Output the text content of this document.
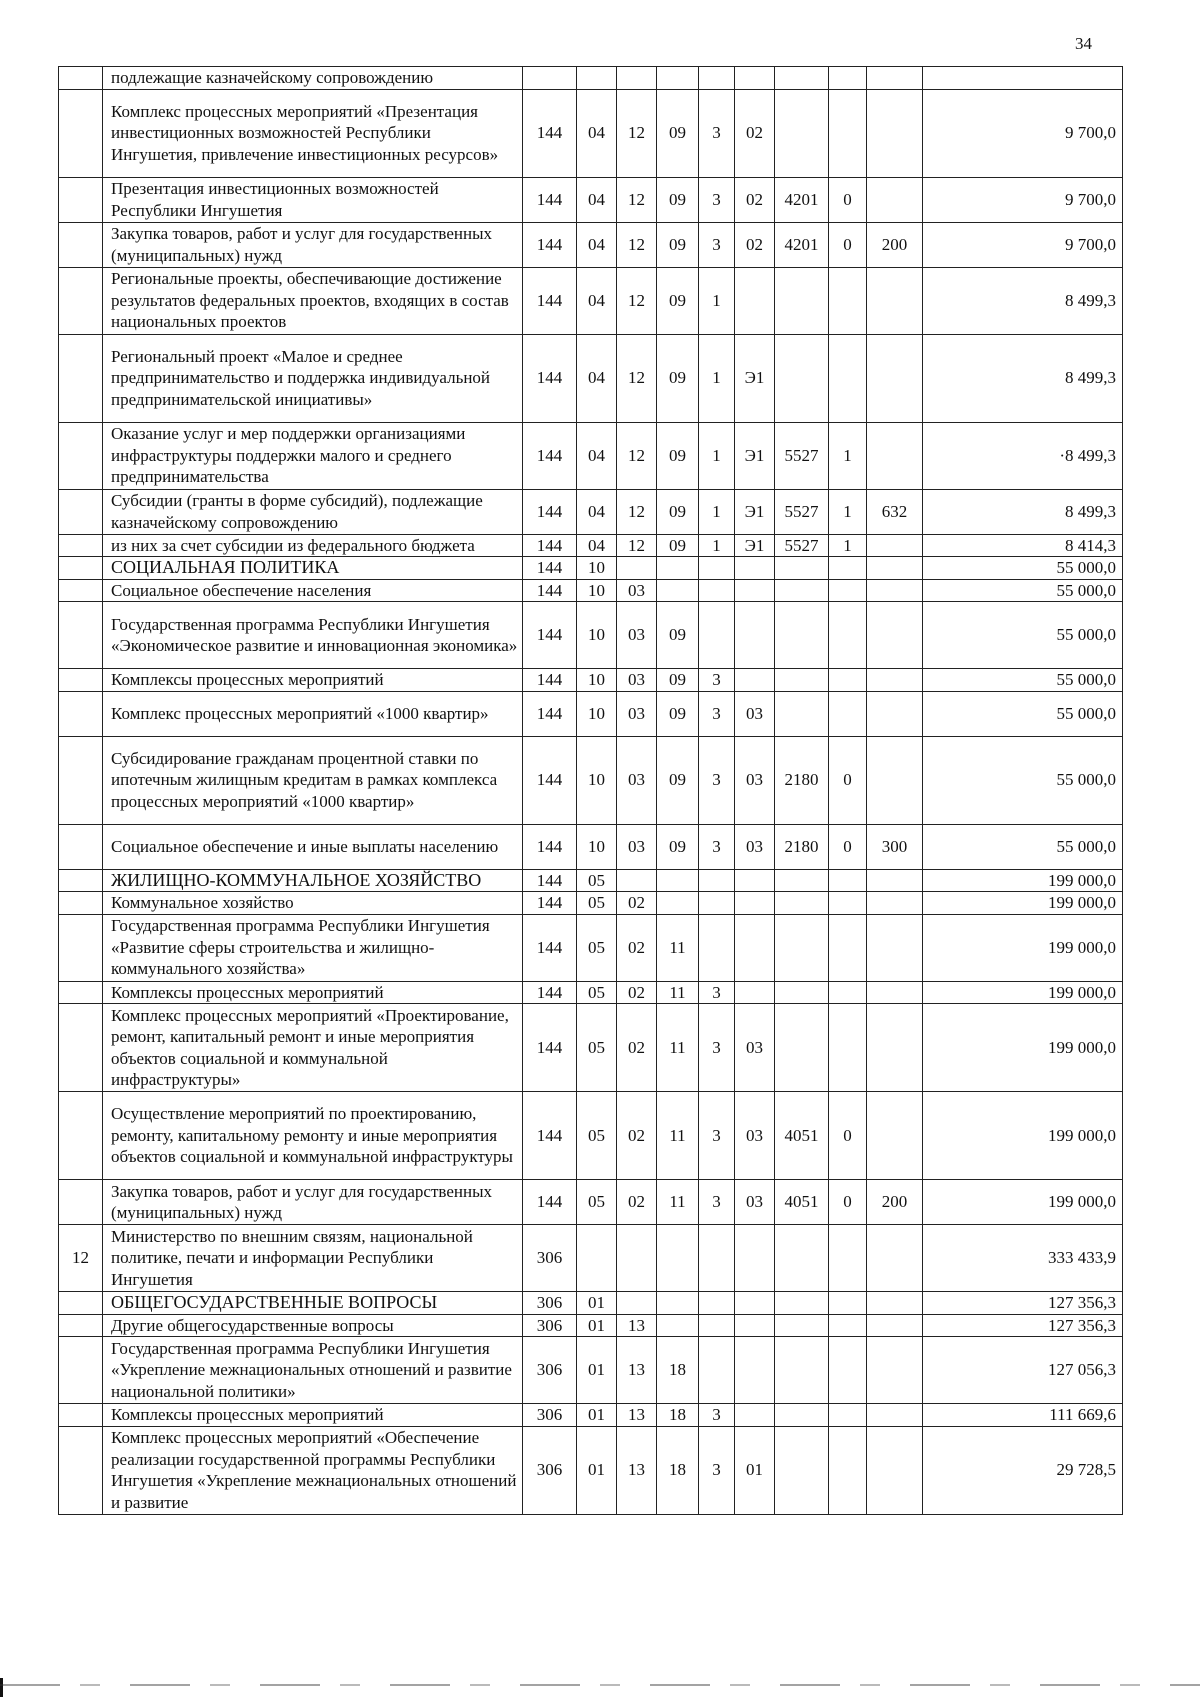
34
	подлежащие казначейскому сопровождению										
	Комплекс процессных мероприятий «Презентация инвестиционных возможностей Республики Ингушетия, привлечение инвестиционных ресурсов»	144	04	12	09	3	02				9 700,0
	Презентация инвестиционных возможностей Республики Ингушетия	144	04	12	09	3	02	4201	0		9 700,0
	Закупка товаров, работ и услуг для государственных (муниципальных) нужд	144	04	12	09	3	02	4201	0	200	9 700,0
	Региональные проекты, обеспечивающие достижение результатов федеральных проектов, входящих в состав национальных проектов	144	04	12	09	1					8 499,3
	Региональный проект «Малое и среднее предпринимательство и поддержка индивидуальной предпринимательской инициативы»	144	04	12	09	1	Э1				8 499,3
	Оказание услуг и мер поддержки организациями инфраструктуры поддержки малого и среднего предпринимательства	144	04	12	09	1	Э1	5527	1		·8 499,3
	Субсидии (гранты в форме субсидий), подлежащие казначейскому сопровождению	144	04	12	09	1	Э1	5527	1	632	8 499,3
	из них за счет субсидии из федерального бюджета	144	04	12	09	1	Э1	5527	1		8 414,3
	СОЦИАЛЬНАЯ ПОЛИТИКА	144	10								55 000,0
	Социальное обеспечение населения	144	10	03							55 000,0
	Государственная программа Республики Ингушетия «Экономическое развитие и инновационная экономика»	144	10	03	09						55 000,0
	Комплексы процессных мероприятий	144	10	03	09	3					55 000,0
	Комплекс процессных мероприятий «1000 квартир»	144	10	03	09	3	03				55 000,0
	Субсидирование гражданам процентной ставки по ипотечным жилищным кредитам в рамках комплекса процессных мероприятий «1000 квартир»	144	10	03	09	3	03	2180	0		55 000,0
	Социальное обеспечение и иные выплаты населению	144	10	03	09	3	03	2180	0	300	55 000,0
	ЖИЛИЩНО-КОММУНАЛЬНОЕ ХОЗЯЙСТВО	144	05								199 000,0
	Коммунальное хозяйство	144	05	02							199 000,0
	Государственная программа Республики Ингушетия «Развитие сферы строительства и жилищно-коммунального хозяйства»	144	05	02	11						199 000,0
	Комплексы процессных мероприятий	144	05	02	11	3					199 000,0
	Комплекс процессных мероприятий «Проектирование, ремонт, капитальный ремонт и иные мероприятия объектов социальной и коммунальной инфраструктуры»	144	05	02	11	3	03				199 000,0
	Осуществление мероприятий по проектированию, ремонту, капитальному ремонту и иные мероприятия объектов социальной и коммунальной инфраструктуры	144	05	02	11	3	03	4051	0		199 000,0
	Закупка товаров, работ и услуг для государственных (муниципальных) нужд	144	05	02	11	3	03	4051	0	200	199 000,0
12	Министерство по внешним связям, национальной политике, печати и информации Республики Ингушетия	306									333 433,9
	ОБЩЕГОСУДАРСТВЕННЫЕ ВОПРОСЫ	306	01								127 356,3
	Другие общегосударственные вопросы	306	01	13							127 356,3
	Государственная программа Республики Ингушетия «Укрепление межнациональных отношений и развитие национальной политики»	306	01	13	18						127 056,3
	Комплексы процессных мероприятий	306	01	13	18	3					111 669,6
	Комплекс процессных мероприятий «Обеспечение реализации государственной программы Республики Ингушетия «Укрепление межнациональных отношений и развитие	306	01	13	18	3	01				29 728,5
